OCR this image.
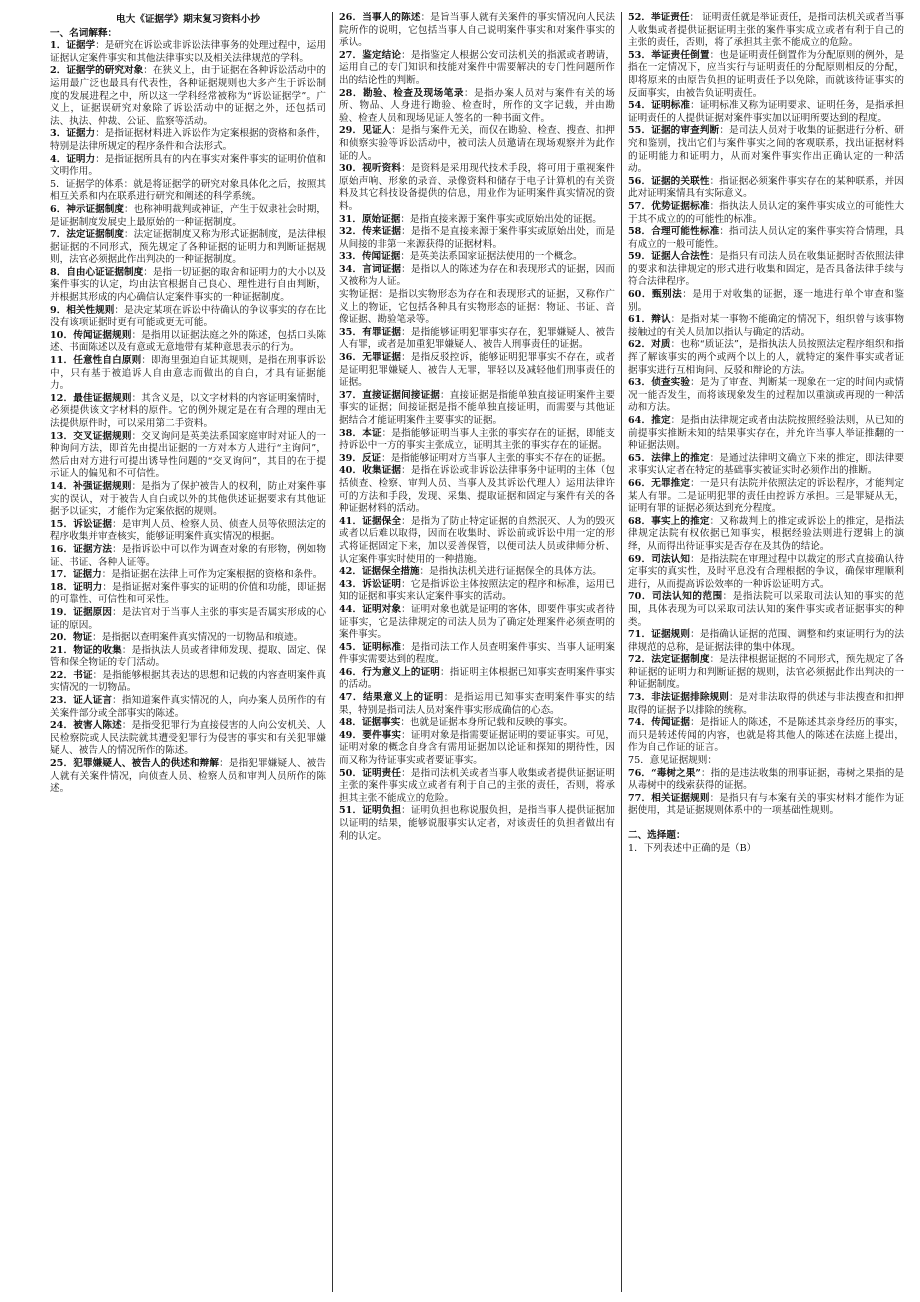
电大《证据学》期末复习资料小抄
一、名词解释：
1．证据学：是研究在诉讼或非诉讼法律事务的处理过程中，运用证据认定案件事实和其他法律事实以及相关法律规范的学科。
2．证据学的研究对象：在狭义上，由于证据在各种诉讼活动中的运用最广泛也最具有代表性，各种证据规则也大多产生于诉讼制度的发展进程之中，所以这一学科经常被称为“诉讼证据学”。广义上，证据误研究对象除了诉讼活动中的证据之外，还包括司法、执法、仲裁、公证、监察等活动。
3．证据力：是指证据材料进入诉讼作为定案根据的资格和条件，特别是法律所规定的程序条件和合法形式。
4．证明力：是指证据所具有的内在事实对案件事实的证明价值和文明作用。
5．证据学的体系：就是将证据学的研究对象具体化之后，按照其相互关系和内在联系进行研究和阐述的科学系统。
6．神示证据制度：也称神明裁判或神证，产生于奴隶社会时期，是证据制度发展史上最原始的一种证据制度。
7．法定证据制度：法定证据制度又称为形式证据制度，是法律根据证据的不同形式，预先规定了各种证据的证明力和判断证据规则，法官必须据此作出判决的一种证据制度。
8．自由心证证据制度：是指一切证据的取舍和证明力的大小以及案件事实的认定，均由法官根据自己良心、理性进行自由判断，并根据其形成的内心确信认定案件事实的一种证据制度。
9．相关性规则：是决定某项在诉讼中待确认的争议事实的存在比没有该项证据时更有可能或更无可能。
10．传闻证据规则：是指用以证据法庭之外的陈述，包括口头陈述、书面陈述以及有意或无意地带有某种意思表示的行为。
11．任意性自白原则：即海里强迫自证其规则，是指在刑事诉讼中，只有基于被追诉人自由意志而做出的自白，才具有证据能力。
12．最佳证据规则：其含义是，以文字材料的内容证明案情时，必须提供该文字材料的原件。它的例外规定是在有合理的理由无法提供原件时，可以采用第二手资料。
13．交叉证据规则：交叉询问是英美法系国家庭审时对证人的一种询问方法，即首先由提出证据的一方对本方人进行“主询问”，然后由对方进行可提出诱导性问题的“交叉询问”，其目的在于提示证人的偏见和不可信性。
14．补强证据规则：是指为了保护被告人的权利，防止对案件事实的误认，对于被告人自白或以外的其他供述证据要求有其他证据予以证实，才能作为定案依据的规则。
15．诉讼证据：是审判人员、检察人员、侦查人员等依照法定的程序收集并审查核实，能够证明案件真实情况的根据。
16．证据方法：是指诉讼中可以作为调查对象的有形物，例如物证、书证、各种人证等。
17．证据力：是指证据在法律上可作为定案根据的资格和条件。
18．证明力：是指证据对案件事实的证明的价值和功能，即证据的可靠性、可信性和可采性。
19．证据原因：是法官对于当事人主张的事实是否属实形成的心证的原因。
20．物证：是指据以查明案件真实情况的一切物品和痕迹。
21．物证的收集：是指执法人员或者律师发现、提取、固定、保管和保全物证的专门活动。
22．书证：是指能够根据其表达的思想和记载的内容查明案件真实情况的一切物品。
23．证人证言：指知道案件真实情况的人，向办案人员所作的有关案件部分或全部事实的陈述。
24．被害人陈述：是指受犯罪行为直接侵害的人向公安机关、人民检察院或人民法院就其遭受犯罪行为侵害的事实和有关犯罪嫌疑人、被告人的情况所作的陈述。
25．犯罪嫌疑人、被告人的供述和辩解：是指犯罪嫌疑人、被告人就有关案件情况，向侦查人员、检察人员和审判人员所作的陈述。
26．当事人的陈述：是旨当事人就有关案件的事实情况向人民法院所作的说明，它包括当事人自己说明案件事实和对案件事实的承认。
27．鉴定结论：是指鉴定人根据公安司法机关的指派或者聘请，运用自己的专门知识和技能对案件中需要解决的专门性问题所作出的结论性的判断。
28．勘验、检查及现场笔录：是指办案人员对与案件有关的场所、物品、人身进行勘验、检查时，所作的文字记载，并由勘验、检查人员和现场见证人签名的一种书面文件。
29．见证人：是指与案件无关，而仅在勘验、检查、搜查、扣押和侦察实验等诉讼活动中，被司法人员邀请在现场观察并为此作证的人。
30．视听资料：是资料是采用现代技术手段，将可用于重视案件原始声响、形象的录音、录像资料和储存于电子计算机的有关资料及其它科技设备提供的信息，用业作为证明案件真实情况的资料。
31．原始证据：是指直接来源于案件事实或原始出处的证据。
32．传来证据：是指不是直接来源于案件事实或原始出处，而是从间接的非第一来源获得的证据材料。
33．传闻证据：是英美法系国家证据法使用的一个概念。
34．言词证据：是指以人的陈述为存在和表现形式的证据，因而又被称为人证。
实物证据：是指以实物形态为存在和表现形式的证据，又称作广义上的物证，它包括各种具有实物形态的证据：物证、书证、音像证据、勘验笔录等。
35．有罪证据：是指能够证明犯罪事实存在，犯罪嫌疑人、被告人有罪，或者是加重犯罪嫌疑人、被告人刑事责任的证据。
36．无罪证据：是指反驳控诉，能够证明犯罪事实不存在，或者是证明犯罪嫌疑人、被告人无罪，罪轻以及减轻他们刑事责任的证据。
37．直接证据间接证据：直接证据是指能单独直接证明案件主要事实的证据；间接证据是指不能单独直接证明，而需要与其他证据结合才能证明案件主要事实的证据。
38．本证：是指能够证明当事人主张的事实存在的证据，即能支持诉讼中一方的事实主张成立，证明其主张的事实存在的证据。
39．反证：是指能够证明对方当事人主张的事实不存在的证据。
40．收集证据：是指在诉讼或非诉讼法律事务中证明的主体（包括侦查、检察、审判人员、当事人及其诉讼代理人）运用法律许可的方法和手段，发现、采集、提取证据和固定与案件有关的各种证据材料的活动。
41．证据保全：是指为了防止特定证据的自然泯灭、人为的毁灭或者以后难以取得，因而在收集时、诉讼前或诉讼中用一定的形式将证据固定下来，加以妥善保管，以便司法人员或律师分析、认定案件事实时使用的一种措施。
42．证据保全措施：是指执法机关进行证据保全的具体方法。
43．诉讼证明：它是指诉讼主体按照法定的程序和标准，运用已知的证据和事实来认定案件事实的活动。
44．证明对象：证明对象也就是证明的客体，即要件事实或者待证事实，它是法律规定的司法人员为了确定处理案件必须查明的案件事实。
45．证明标准：是指司法工作人员查明案件事实、当事人证明案件事实需要达到的程度。
46．行为意义上的证明：指证明主体根据已知事实查明案件事实的活动。
47．结果意义上的证明：是指运用已知事实查明案件事实的结果，特别是指司法人员对案件事实形成确信的心态。
48．证据事实：也就是证据本身所记载和反映的事实。
49．要件事实：证明对象是指需要证据证明的要证事实。可见，证明对象的概念自身含有需用证据加以论证和探知的期待性，因而又称为待证事实或者要证事实。
50．证明责任：是指司法机关或者当事人收集或者提供证据证明主张的案件事实成立或者有利于自己的主张的责任，否则，将承担其主张不能成立的危险。
51．证明负担：证明负担也称说服负担，是指当事人提供证据加以证明的结果，能够说服事实认定者，对该责任的负担者做出有利的认定。
52．举证责任： 证明责任就是举证责任，是指司法机关或者当事人收集或者提供证据证明主张的案件事实成立或者有利于自己的主张的责任，否则，将了承担其主张不能成立的危险。
53．举证责任倒置：也是证明责任倒置作为分配原则的例外，是指在一定情况下，应当实行与证明责任的分配原则相反的分配，即将原来的由原告负担的证明责任予以免除，而就该待证事实的反面事实，由被告负证明责任。
54．证明标准：证明标准又称为证明要求、证明任务，是指承担证明责任的人提供证据对案件事实加以证明所要达到的程度。
55．证据的审查判断：是司法人员对于收集的证据进行分析、研究和鉴别，找出它们与案件事实之间的客观联系，找出证据材料的证明能力和证明力，从而对案件事实作出正确认定的一种活动。
56．证据的关联性：指证据必须案件事实存在的某种联系，并因此对证明案情具有实际意义。
57．优势证据标准：指执法人员认定的案件事实成立的可能性大于其不成立的的可能性的标准。
58．合理可能性标准：指司法人员认定的案件事实符合情理，具有成立的一般可能性。
59．证据人合法性：是指只有司法人员在收集证据时否依照法律的要求和法律规定的形式进行收集和固定，是否具备法律手续与符合法律程序。
60．甄别法：是用于对收集的证据，逐一地进行单个审查和鉴别。
61．辩认：是指对某一事物不能确定的情况下，组织曾与该事物接触过的有关人员加以指认与确定的活动。
62．对质：也称“质证法”，是指执法人员按照法定程序组织和指挥了解该事实的两个或两个以上的人，就特定的案件事实或者证据事实进行互相询问、反驳和辩论的方法。
63．侦查实验：是为了审查、判断某一现象在一定的时间内或情况一能否发生，而将该现象发生的过程加以重演或再现的一种活动和方法。
64．推定：是指由法律规定或者由法院按照经验法则，从已知的前提事实推断未知的结果事实存在，并允许当事人举证推翻的一种证据法则。
65．法律上的推定：是通过法律明文确立下来的推定，即法律要求事实认定者在特定的基础事实被证实时必须作出的推断。
66．无罪推定：一是只有法院并依照法定的诉讼程序，才能判定某人有罪。二是证明犯罪的责任由控诉方承担。三是罪疑从无，证明有罪的证据必须达到充分程度。
68．事实上的推定：又称裁判上的推定或诉讼上的推定，是指法律规定法院有权依据已知事实，根据经验法则进行逻辑上的演绎，从而得出待证事实是否存在及其伪的结论。
69．司法认知：是指法院在审理过程中以裁定的形式直接确认待定事实的真实性，及时平息没有合理根据的争议，确保审理顺利进行，从而提高诉讼效率的一种诉讼证明方式。
70．司法认知的范围：是指法院可以采取司法认知的事实的范围，具体表现为可以采取司法认知的案件事实或者证据事实的种类。
71．证据规则：是指确认证据的范围、调整和约束证明行为的法律规范的总称，是证据法律的集中体现。
72．法定证据制度：是法律根据证据的不同形式，预先规定了各种证据的证明力和判断证据的规则，法官必须据此作出判决的一种证据制度。
73．非法证据排除规则：是对非法取得的供述与非法搜查和扣押取得的证据予以排除的统称。
74．传闻证据：是指证人的陈述，不是陈述其亲身经历的事实，而只是转述传闻的内容，也就是将其他人的陈述在法庭上提出，作为自己作证的证言。
75．意见证据规则：
76．“毒树之果”：指的是违法收集的刑事证据，毒树之果指的是从毒树中的线索获得的证据。
77．相关证据规则：是指只有与本案有关的事实材料才能作为证据使用，其是证据规则体系中的一项基础性规则。
二、选择题：
1．下列表述中正确的是（B）
